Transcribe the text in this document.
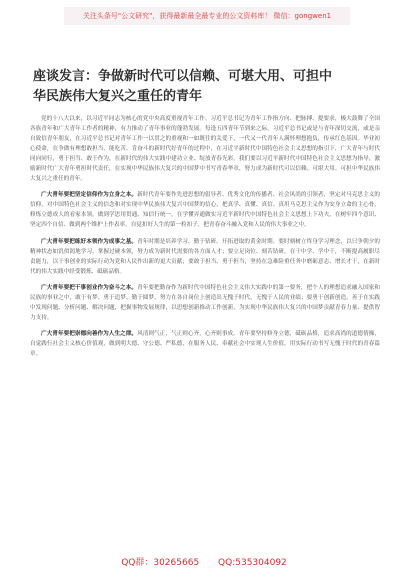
关注头条号"公文研究"，获得最新最全最专业的公文资料库！ 微信：gongwen1
座谈发言：争做新时代可以信赖、可堪大用、可担中
华民族伟大复兴之重任的青年

党的十八大以来，以习近平同志为核心的党中央高度重视青年工作。习近平总书记为青年工作指方向、把脉搏、提要求，极大鼓舞了全国各族青年和广大青年工作者的精神，有力推动了青年事业的蓬勃发展。每逢五四青年节到来之际，习近平总书记或是与青年深切交流，或是亲自致信青年朋友，在习近平总书记对青年工作一以贯之的重视和一如既往的关爱下，一代又一代青年人满怀理想抱负，传承红色基因。毕业初心使命，在争做有理想敢担当、能吃苦、肯奋斗的新时代好青年的过程中，在习近平新时代中国特色社会主义思想的指引下，广大青年与时代同向同行，勇于担当、敢于作为，在新时代的伟大实践中建功立业、绽放青春光彩。我们要以习近平新时代中国特色社会主义思想为指导，激励新时代广大青年勇担时代责任，在实现中华民族伟大复兴的中国梦中书写青春华章，努力成为新时代可以信赖、可堪大用、可担中华民族伟大复兴之重任的青年。

广大青年要把坚定信仰作为立身之本。新时代青年要作先进思想的倡导者、优秀文化的传播者、社会风尚的引领者，坚定对马克思主义的信仰，对中国特色社会主义的信念和对实现中华民族伟大复兴中国梦的信心，把真学、真懂、真信、真用马克思主义作为安身立命的主心骨，修炼立德成人的看家本领，做到学思用贯通、知信行统一，在学懂弄通做实习近平新时代中国特色社会主义思想上下功夫，在树牢四个意识、坚定四个自信、做到两个维护上作表率，自觉扣好人生的第一粒扣子，把青春奋斗融入党和人民的伟大事业之中。

广大青年要把练好本领作为成事之基。青年时期是培养学习、勤于钻研、开拓进取的黄金时期。要时刻树立终身学习理念，以只争朝夕的精神状态如饥似渴地学习，掌握过硬本领，努力成为新时代需要的各方面人才；要立足岗位、刻苦钻研，在干中学、学中干，不断提高履职尽责能力，以干事创业的实际行动为党和人民作出新的更大贡献；要敢于担当、勇于担当，坚持在急难险重任务中磨砺意志、增长才干，在新时代的伟大实践中经受锻炼、砥砺品格。

广大青年要把干事创业作为奋斗之本。青年要把勤奋作为新时代中国特色社会主义伟大实践中的第一要务，把个人的理想追求融入国家和民族的事业之中，敢于有梦、勇于追梦、勤于圆梦，努力在各自岗位上创造出无愧于时代、无愧于人民的业绩；要勇于创新创造，善于在实践中发现问题、分析问题、解决问题，把握事物发展规律，以思想创新推动工作创新，为实现中华民族伟大复兴的中国梦贡献青春力量、提供智力支持。

广大青年要把崇德向善作为人生之律。风清则气正，气正则心齐，心齐则事成。青年要坚持修身立德，砥砺品格，追求高尚的道德情操，自觉践行社会主义核心价值观，做到明大德、守公德、严私德，在服务人民、奉献社会中实现人生价值，用实际行动书写无愧于时代的青春篇章。

QQ群：30265665 QQ:535304092
